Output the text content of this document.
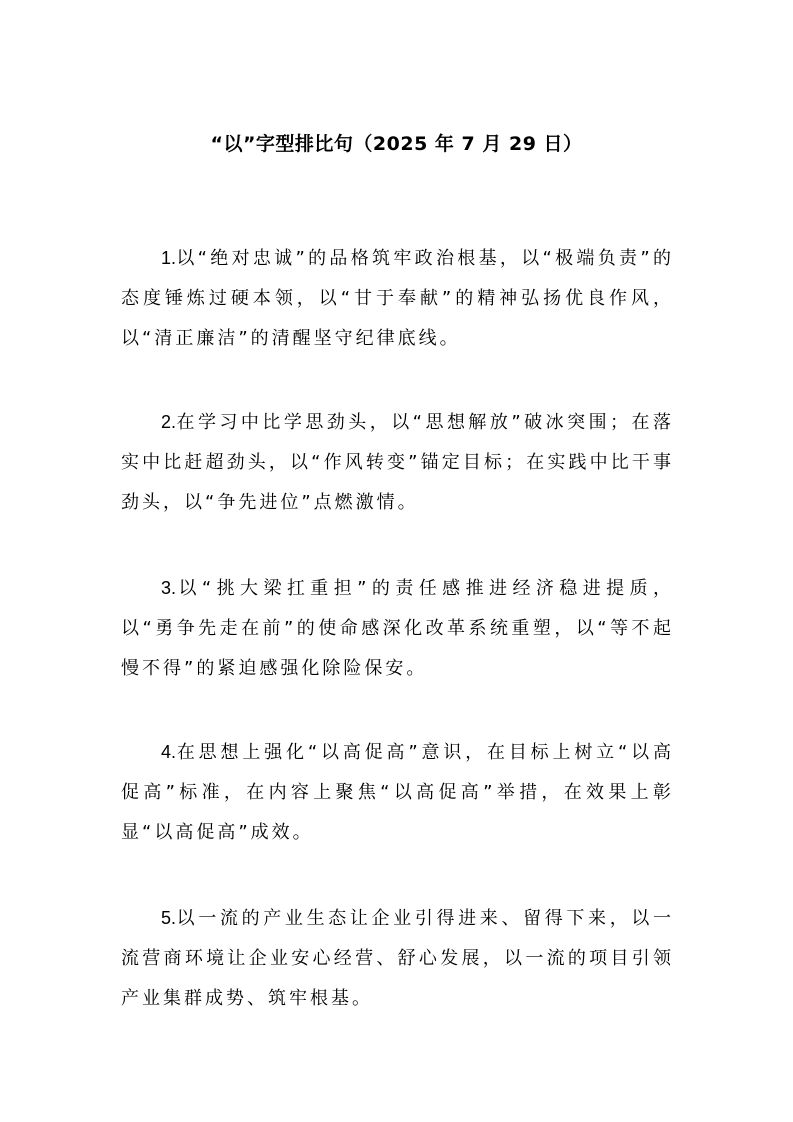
“以”字型排比句（2025 年 7 月 29 日）

1.以“绝对忠诚”的品格筑牢政治根基，以“极端负责”的态度锤炼过硬本领，以“甘于奉献”的精神弘扬优良作风，以“清正廉洁”的清醒坚守纪律底线。

2.在学习中比学思劲头，以“思想解放”破冰突围；在落实中比赶超劲头，以“作风转变”锚定目标；在实践中比干事劲头，以“争先进位”点燃激情。

3.以“挑大梁扛重担”的责任感推进经济稳进提质，以“勇争先走在前”的使命感深化改革系统重塑，以“等不起慢不得”的紧迫感强化除险保安。

4.在思想上强化“以高促高”意识，在目标上树立“以高促高”标准，在内容上聚焦“以高促高”举措，在效果上彰显“以高促高”成效。

5.以一流的产业生态让企业引得进来、留得下来，以一流营商环境让企业安心经营、舒心发展，以一流的项目引领产业集群成势、筑牢根基。
